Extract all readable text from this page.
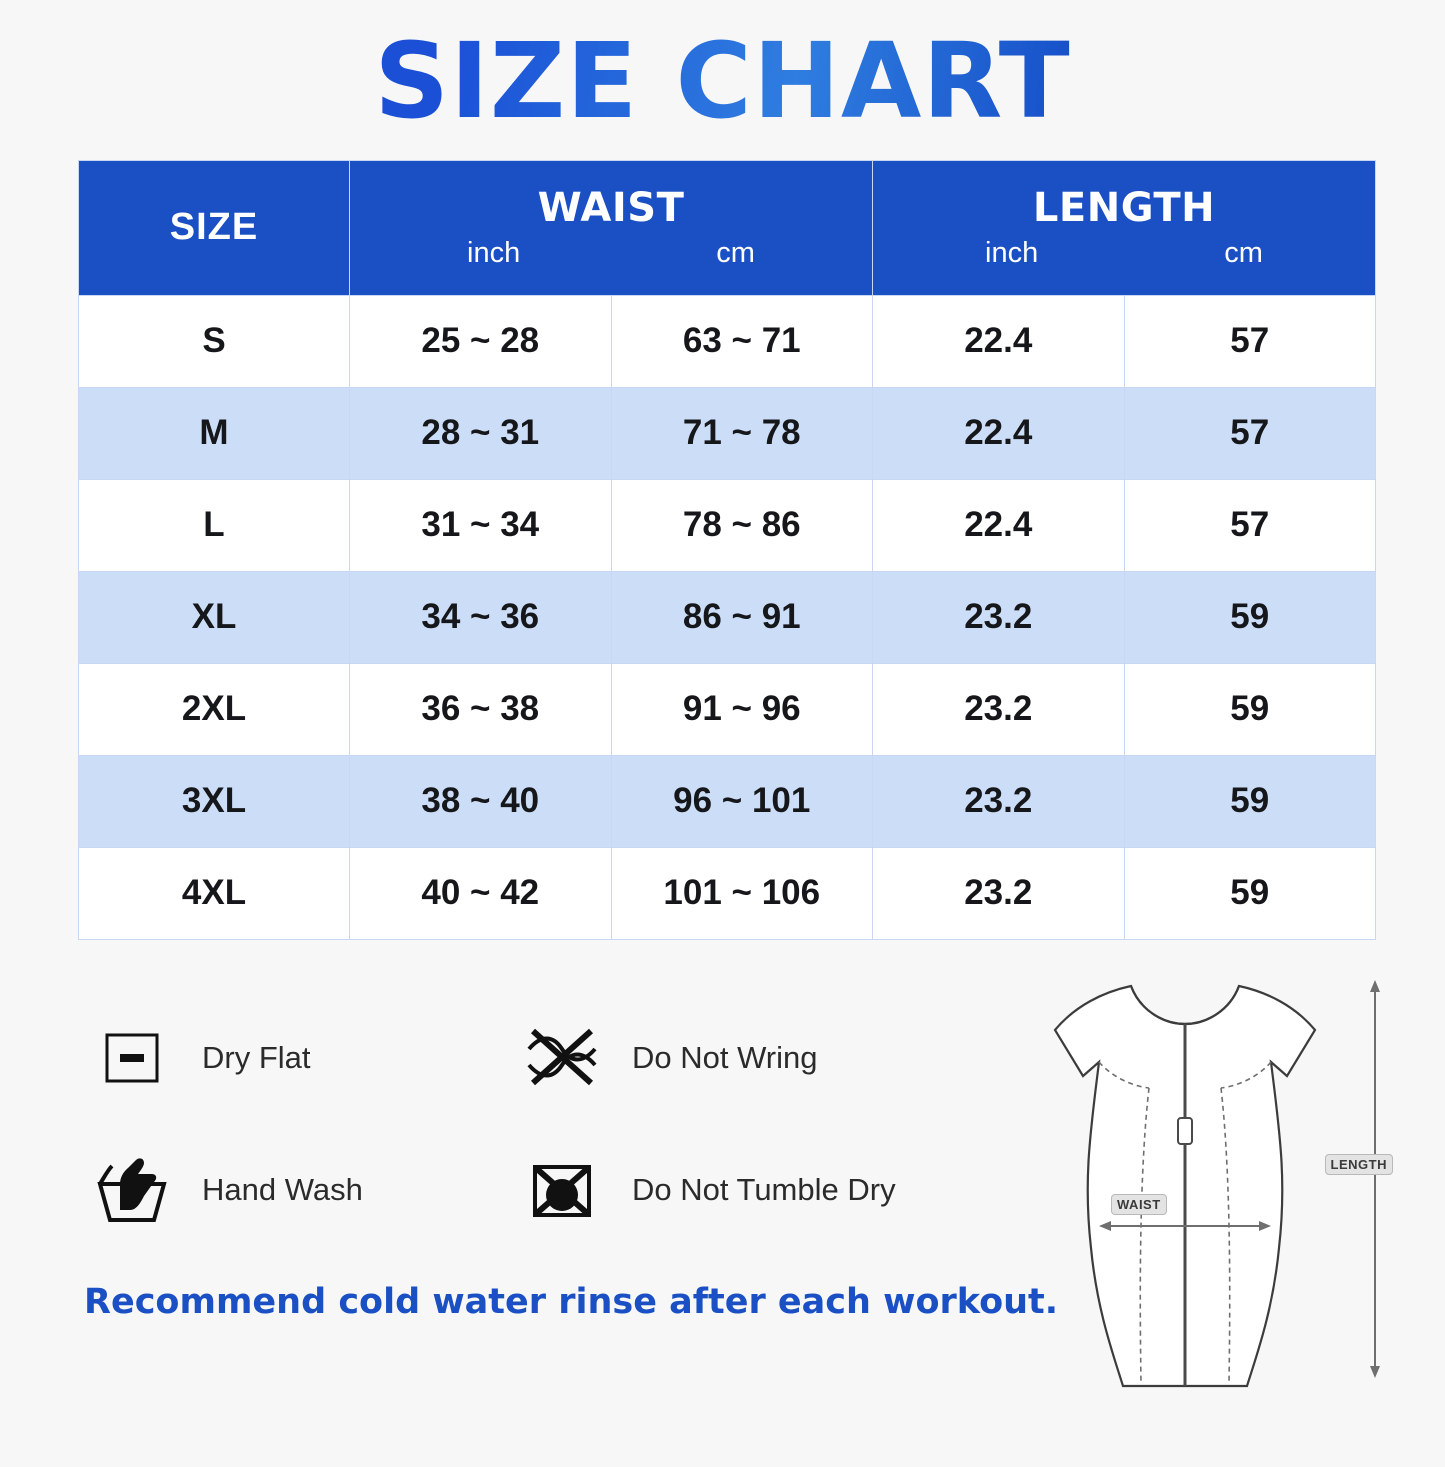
SIZE CHART
SIZE	WAIST
inch	cm

LENGTH
inch	cm

S	25 ~ 28	63 ~ 71	22.4	57
M	28 ~ 31	71 ~ 78	22.4	57
L	31 ~ 34	78 ~ 86	22.4	57
XL	34 ~ 36	86 ~ 91	23.2	59
2XL	36 ~ 38	91 ~ 96	23.2	59
3XL	38 ~ 40	96 ~ 101	23.2	59
4XL	40 ~ 42	101 ~ 106	23.2	59
Dry Flat	Do Not Wring
Hand Wash	Do Not Tumble Dry
Recommend cold water rinse after each workout.
LENGTH
WAIST
